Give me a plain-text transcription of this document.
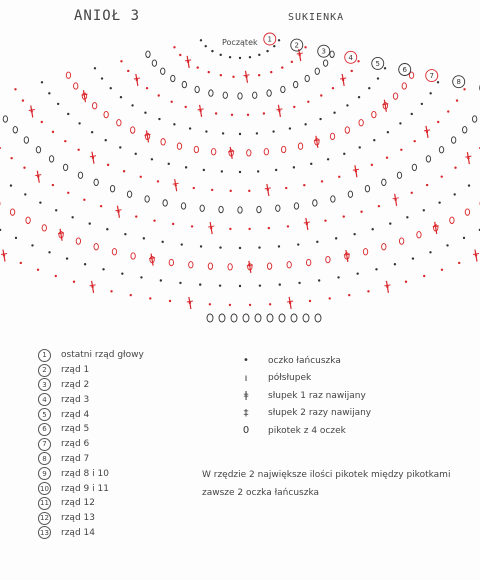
ANIOŁ 3	SUKIENKA
Początek 1
2
3
4
5
6
7
8
1	ostatni rząd głowy
2	rząd 1
3	rząd 2
4	rząd 3
5	rząd 4
6	rząd 5
7	rząd 6
8	rząd 7
9	rząd 8 i 10
10 rząd 9 i 11
11 rząd 12
12 rząd 13
13 rząd 14
•	oczko łańcuszka
ı	półsłupek
ǂ	słupek 1 raz nawijany
‡	słupek 2 razy nawijany
0	pikotek z 4 oczek
W rzędzie 2 największe ilości pikotek między pikotkami zawsze 2 oczka łańcuszka
